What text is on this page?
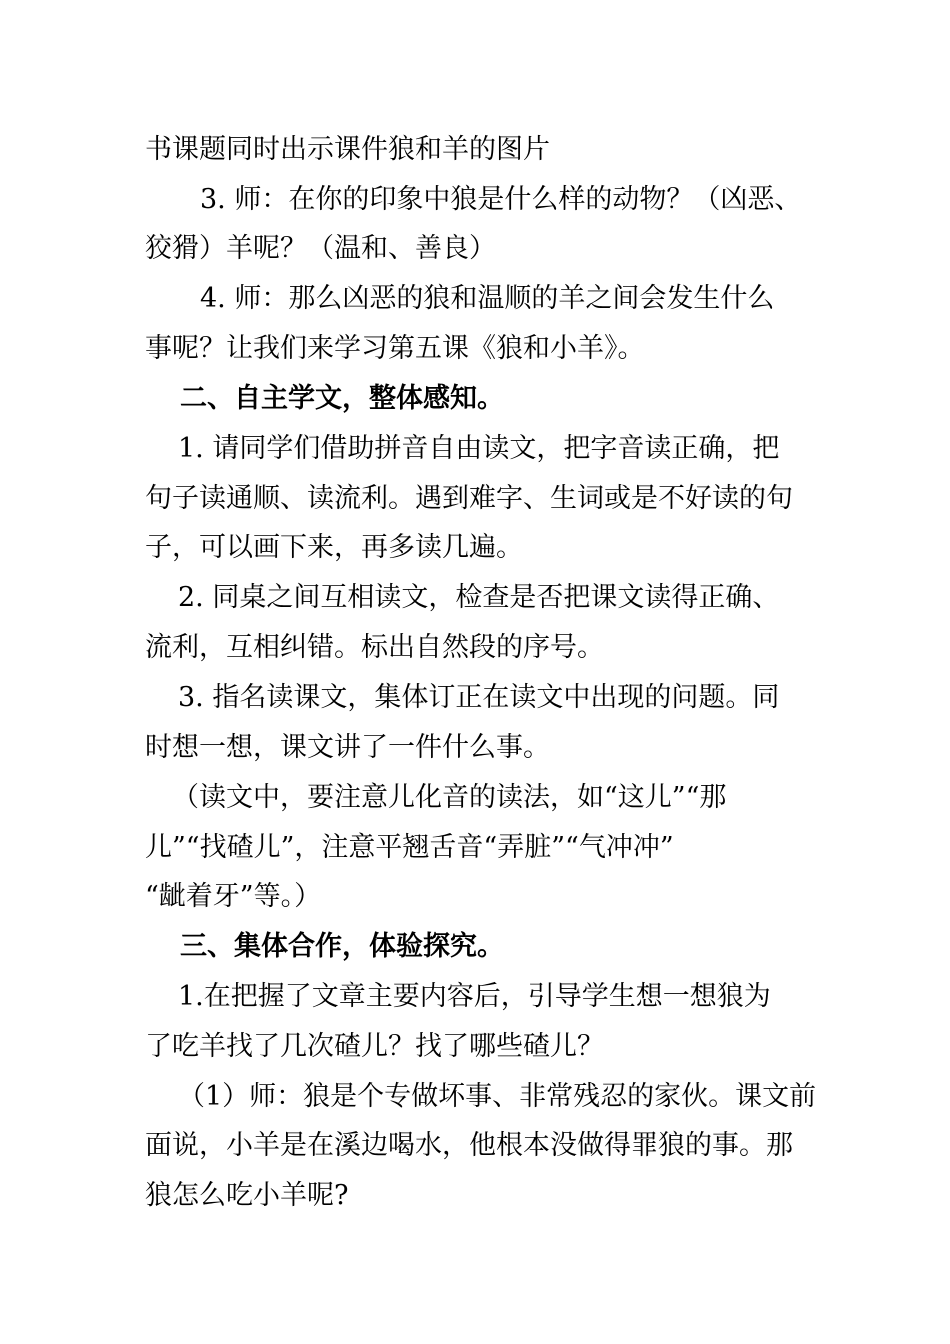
书课题同时出示课件狼和羊的图片
3. 师：在你的印象中狼是什么样的动物？（凶恶、
狡猾）羊呢？（温和、善良）
4. 师：那么凶恶的狼和温顺的羊之间会发生什么
事呢？让我们来学习第五课《狼和小羊》。
二、自主学文，整体感知。
1. 请同学们借助拼音自由读文，把字音读正确，把
句子读通顺、读流利。遇到难字、生词或是不好读的句
子，可以画下来，再多读几遍。
2. 同桌之间互相读文，检查是否把课文读得正确、
流利，互相纠错。标出自然段的序号。
3. 指名读课文，集体订正在读文中出现的问题。同
时想一想，课文讲了一件什么事。
（读文中，要注意儿化音的读法，如“这儿”“那
儿”“找碴儿”，注意平翘舌音“弄脏”“气冲冲”
“龇着牙”等。）
三、集体合作，体验探究。
1.在把握了文章主要内容后，引导学生想一想狼为
了吃羊找了几次碴儿？找了哪些碴儿？
（1）师：狼是个专做坏事、非常残忍的家伙。课文前
面说，小羊是在溪边喝水，他根本没做得罪狼的事。那
狼怎么吃小羊呢?
